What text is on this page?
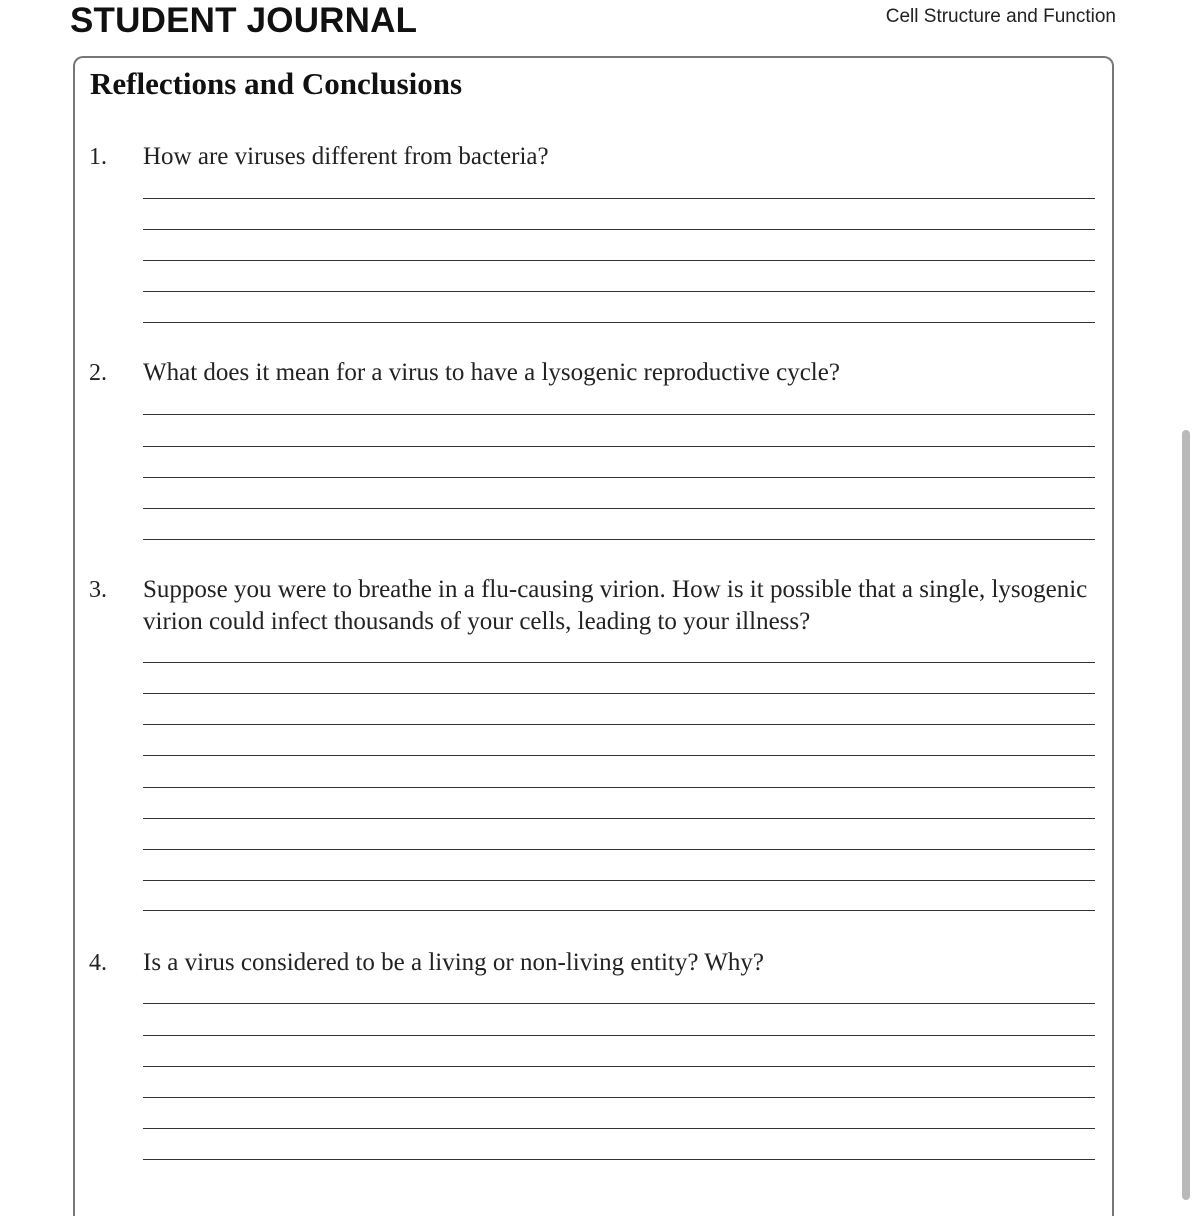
STUDENT JOURNAL	Cell Structure and Function
Reflections and Conclusions
1. How are viruses different from bacteria?
2. What does it mean for a virus to have a lysogenic reproductive cycle?
3. Suppose you were to breathe in a flu-causing virion. How is it possible that a single, lysogenic virion could infect thousands of your cells, leading to your illness?
4. Is a virus considered to be a living or non-living entity? Why?
